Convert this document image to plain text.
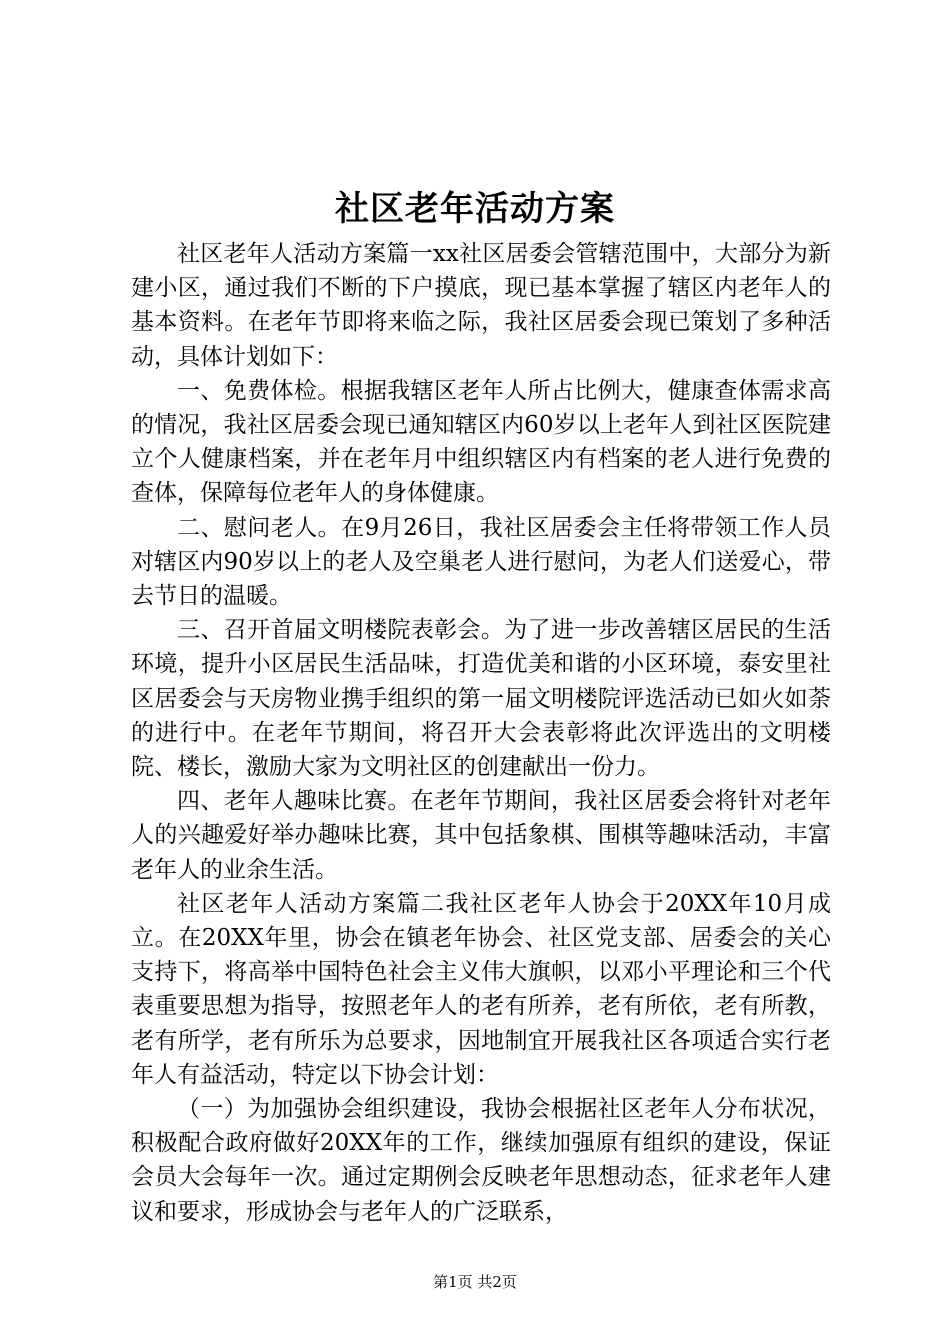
社区老年活动方案

社区老年人活动方案篇一xx社区居委会管辖范围中，大部分为新建小区，通过我们不断的下户摸底，现已基本掌握了辖区内老年人的基本资料。在老年节即将来临之际，我社区居委会现已策划了多种活动，具体计划如下：

一、免费体检。根据我辖区老年人所占比例大，健康查体需求高的情况，我社区居委会现已通知辖区内60岁以上老年人到社区医院建立个人健康档案，并在老年月中组织辖区内有档案的老人进行免费的查体，保障每位老年人的身体健康。

二、慰问老人。在9月26日，我社区居委会主任将带领工作人员对辖区内90岁以上的老人及空巢老人进行慰问，为老人们送爱心，带去节日的温暖。

三、召开首届文明楼院表彰会。为了进一步改善辖区居民的生活环境，提升小区居民生活品味，打造优美和谐的小区环境，泰安里社区居委会与天房物业携手组织的第一届文明楼院评选活动已如火如荼的进行中。在老年节期间，将召开大会表彰将此次评选出的文明楼院、楼长，激励大家为文明社区的创建献出一份力。

四、老年人趣味比赛。在老年节期间，我社区居委会将针对老年人的兴趣爱好举办趣味比赛，其中包括象棋、围棋等趣味活动，丰富老年人的业余生活。

社区老年人活动方案篇二我社区老年人协会于20XX年10月成立。在20XX年里，协会在镇老年协会、社区党支部、居委会的关心支持下，将高举中国特色社会主义伟大旗帜，以邓小平理论和三个代表重要思想为指导，按照老年人的老有所养，老有所依，老有所教，老有所学，老有所乐为总要求，因地制宜开展我社区各项适合实行老年人有益活动，特定以下协会计划：

（一）为加强协会组织建设，我协会根据社区老年人分布状况，积极配合政府做好20XX年的工作，继续加强原有组织的建设，保证会员大会每年一次。通过定期例会反映老年思想动态，征求老年人建议和要求，形成协会与老年人的广泛联系，

第1页 共2页
